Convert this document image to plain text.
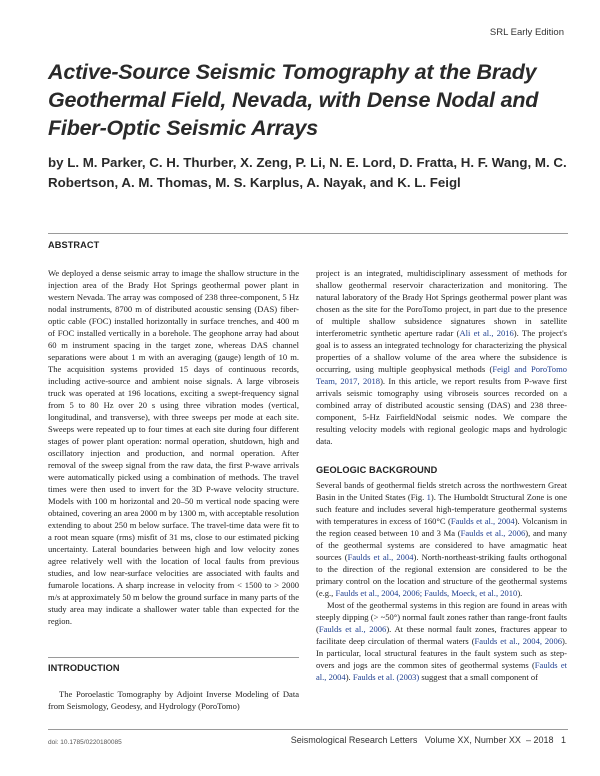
SRL Early Edition
Active-Source Seismic Tomography at the Brady Geothermal Field, Nevada, with Dense Nodal and Fiber-Optic Seismic Arrays
by L. M. Parker, C. H. Thurber, X. Zeng, P. Li, N. E. Lord, D. Fratta, H. F. Wang, M. C. Robertson, A. M. Thomas, M. S. Karplus, A. Nayak, and K. L. Feigl
ABSTRACT

We deployed a dense seismic array to image the shallow structure in the injection area of the Brady Hot Springs geothermal power plant in western Nevada. The array was composed of 238 three-component, 5 Hz nodal instruments, 8700 m of distributed acoustic sensing (DAS) fiber-optic cable (FOC) installed horizontally in surface trenches, and 400 m of FOC installed vertically in a borehole. The geophone array had about 60 m instrument spacing in the target zone, whereas DAS channel separations were about 1 m with an averaging (gauge) length of 10 m. The acquisition systems provided 15 days of continuous records, including active-source and ambient noise signals. A large vibroseis truck was operated at 196 locations, exciting a swept-frequency signal from 5 to 80 Hz over 20 s using three vibration modes (vertical, longitudinal, and transverse), with three sweeps per mode at each site. Sweeps were repeated up to four times at each site during four different stages of power plant operation: normal operation, shutdown, high and oscillatory injection and production, and normal operation. After removal of the sweep signal from the raw data, the first P-wave arrivals were automatically picked using a combination of methods. The travel times were then used to invert for the 3D P-wave velocity structure. Models with 100 m horizontal and 20–50 m vertical node spacing were obtained, covering an area 2000 m by 1300 m, with acceptable resolution extending to about 250 m below surface. The travel-time data were fit to a root mean square (rms) misfit of 31 ms, close to our estimated picking uncertainty. Lateral boundaries between high and low velocity zones agree relatively well with the location of local faults from previous studies, and low near-surface velocities are associated with faults and fumarole locations. A sharp increase in velocity from < 1500 to > 2000 m/s at approximately 50 m below the ground surface in many parts of the study area may indicate a shallower water table than expected for the region.

INTRODUCTION

The Poroelastic Tomography by Adjoint Inverse Modeling of Data from Seismology, Geodesy, and Hydrology (PoroTomo)

project is an integrated, multidisciplinary assessment of methods for shallow geothermal reservoir characterization and monitoring. The natural laboratory of the Brady Hot Springs geothermal power plant was chosen as the site for the PoroTomo project, in part due to the presence of multiple shallow subsidence signatures shown in satellite interferometric synthetic aperture radar (Ali et al., 2016). The project's goal is to assess an integrated technology for characterizing the physical properties of a shallow volume of the area where the subsidence is occurring, using multiple geophysical methods (Feigl and PoroTomo Team, 2017, 2018). In this article, we report results from P-wave first arrivals seismic tomography using vibroseis sources recorded on a combined array of distributed acoustic sensing (DAS) and 238 three-component, 5-Hz FairfieldNodal seismic nodes. We compare the resulting velocity models with regional geologic maps and hydrologic data.

GEOLOGIC BACKGROUND

Several bands of geothermal fields stretch across the northwestern Great Basin in the United States (Fig. 1). The Humboldt Structural Zone is one such feature and includes several high-temperature geothermal systems with temperatures in excess of 160°C (Faulds et al., 2004). Volcanism in the region ceased between 10 and 3 Ma (Faulds et al., 2006), and many of the geothermal systems are considered to have amagmatic heat sources (Faulds et al., 2004). North-northeast-striking faults orthogonal to the direction of the regional extension are considered to be the primary control on the location and structure of the geothermal systems (e.g., Faulds et al., 2004, 2006; Faulds, Moeck, et al., 2010).

Most of the geothermal systems in this region are found in areas with steeply dipping (> ~50°) normal fault zones rather than range-front faults (Faulds et al., 2006). At these normal fault zones, fractures appear to facilitate deep circulation of thermal waters (Faulds et al., 2004, 2006). In particular, local structural features in the fault system such as step-overs and jogs are the common sites of geothermal systems (Faulds et al., 2004). Faulds et al. (2003) suggest that a small component of

doi: 10.1785/0220180085	Seismological Research Letters Volume XX, Number XX – 2018 1
